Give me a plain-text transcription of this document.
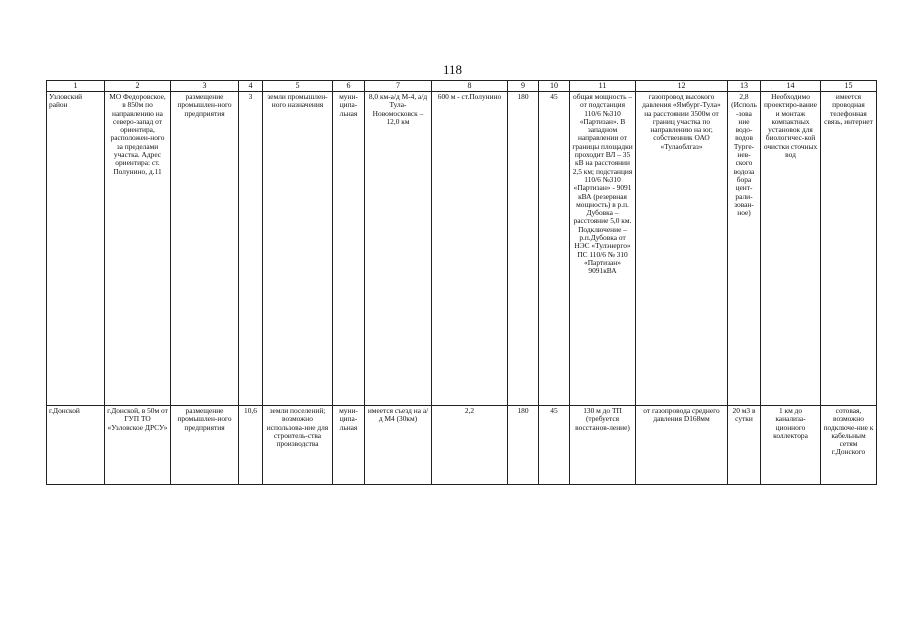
118
1	2	3	4	5	6	7	8	9	10	11	12	13	14	15
Узловский район	МО Федоровское, в 850м по направлению на северо-запад от ориентира, расположен-ного за пределами участка. Адрес ориентира: ст. Полунино, д.11	размещение промышлен-ного предприятия	3	земли промышлен-ного назначения	муни-ципа-льная	8,0 км-а/д М-4, а/д Тула-Новомосковск – 12,0 км	600 м - ст.Полунино	180	45	общая мощность – от подстанция 110/6 №310 «Партизан». В западном направлении от границы площадки проходит ВЛ – 35 кВ на расстоянии 2,5 км; подстанция 110/6 №310 «Партизан» - 9091 кВА (резервная мощность) в р.п. Дубовка – расстояние 5,0 км. Подключение – р.п.Дубовка от НЭС «Тулэнерго» ПС 110/6 № 310 «Партизан» 9091кВА	газопровод высокого давления «Ямбург-Тула» на расстоянии 3500м от границ участка по направлению на юг, собственник ОАО «Тулаоблгаз»	2,8 (Исполь-зова ние водо-водов Турге-нев-ского водоза бора цент-рали-зован-ное)	Необходимо проектиро-вание и монтаж компактных установок для биологичес-кой очистки сточных вод	имеется проводная телефонная связь, интернет
г.Донской	г.Донской, в 50м от ГУП ТО «Узловское ДРСУ»	размещение промышлен-ного предприятия	10,6	земли поселений; возможно использова-ние для строитель-ства производства	муни-ципа-льная	имеется съезд на а/д М4 (30км)	2,2	180	45	130 м до ТП (требуется восстанов-ление)	от газопровода среднего давления D168мм	20 м3 в сутки	1 км до канализа-ционного коллектора	сотовая, возможно подключе-ние к кабельным сетям г.Донского
